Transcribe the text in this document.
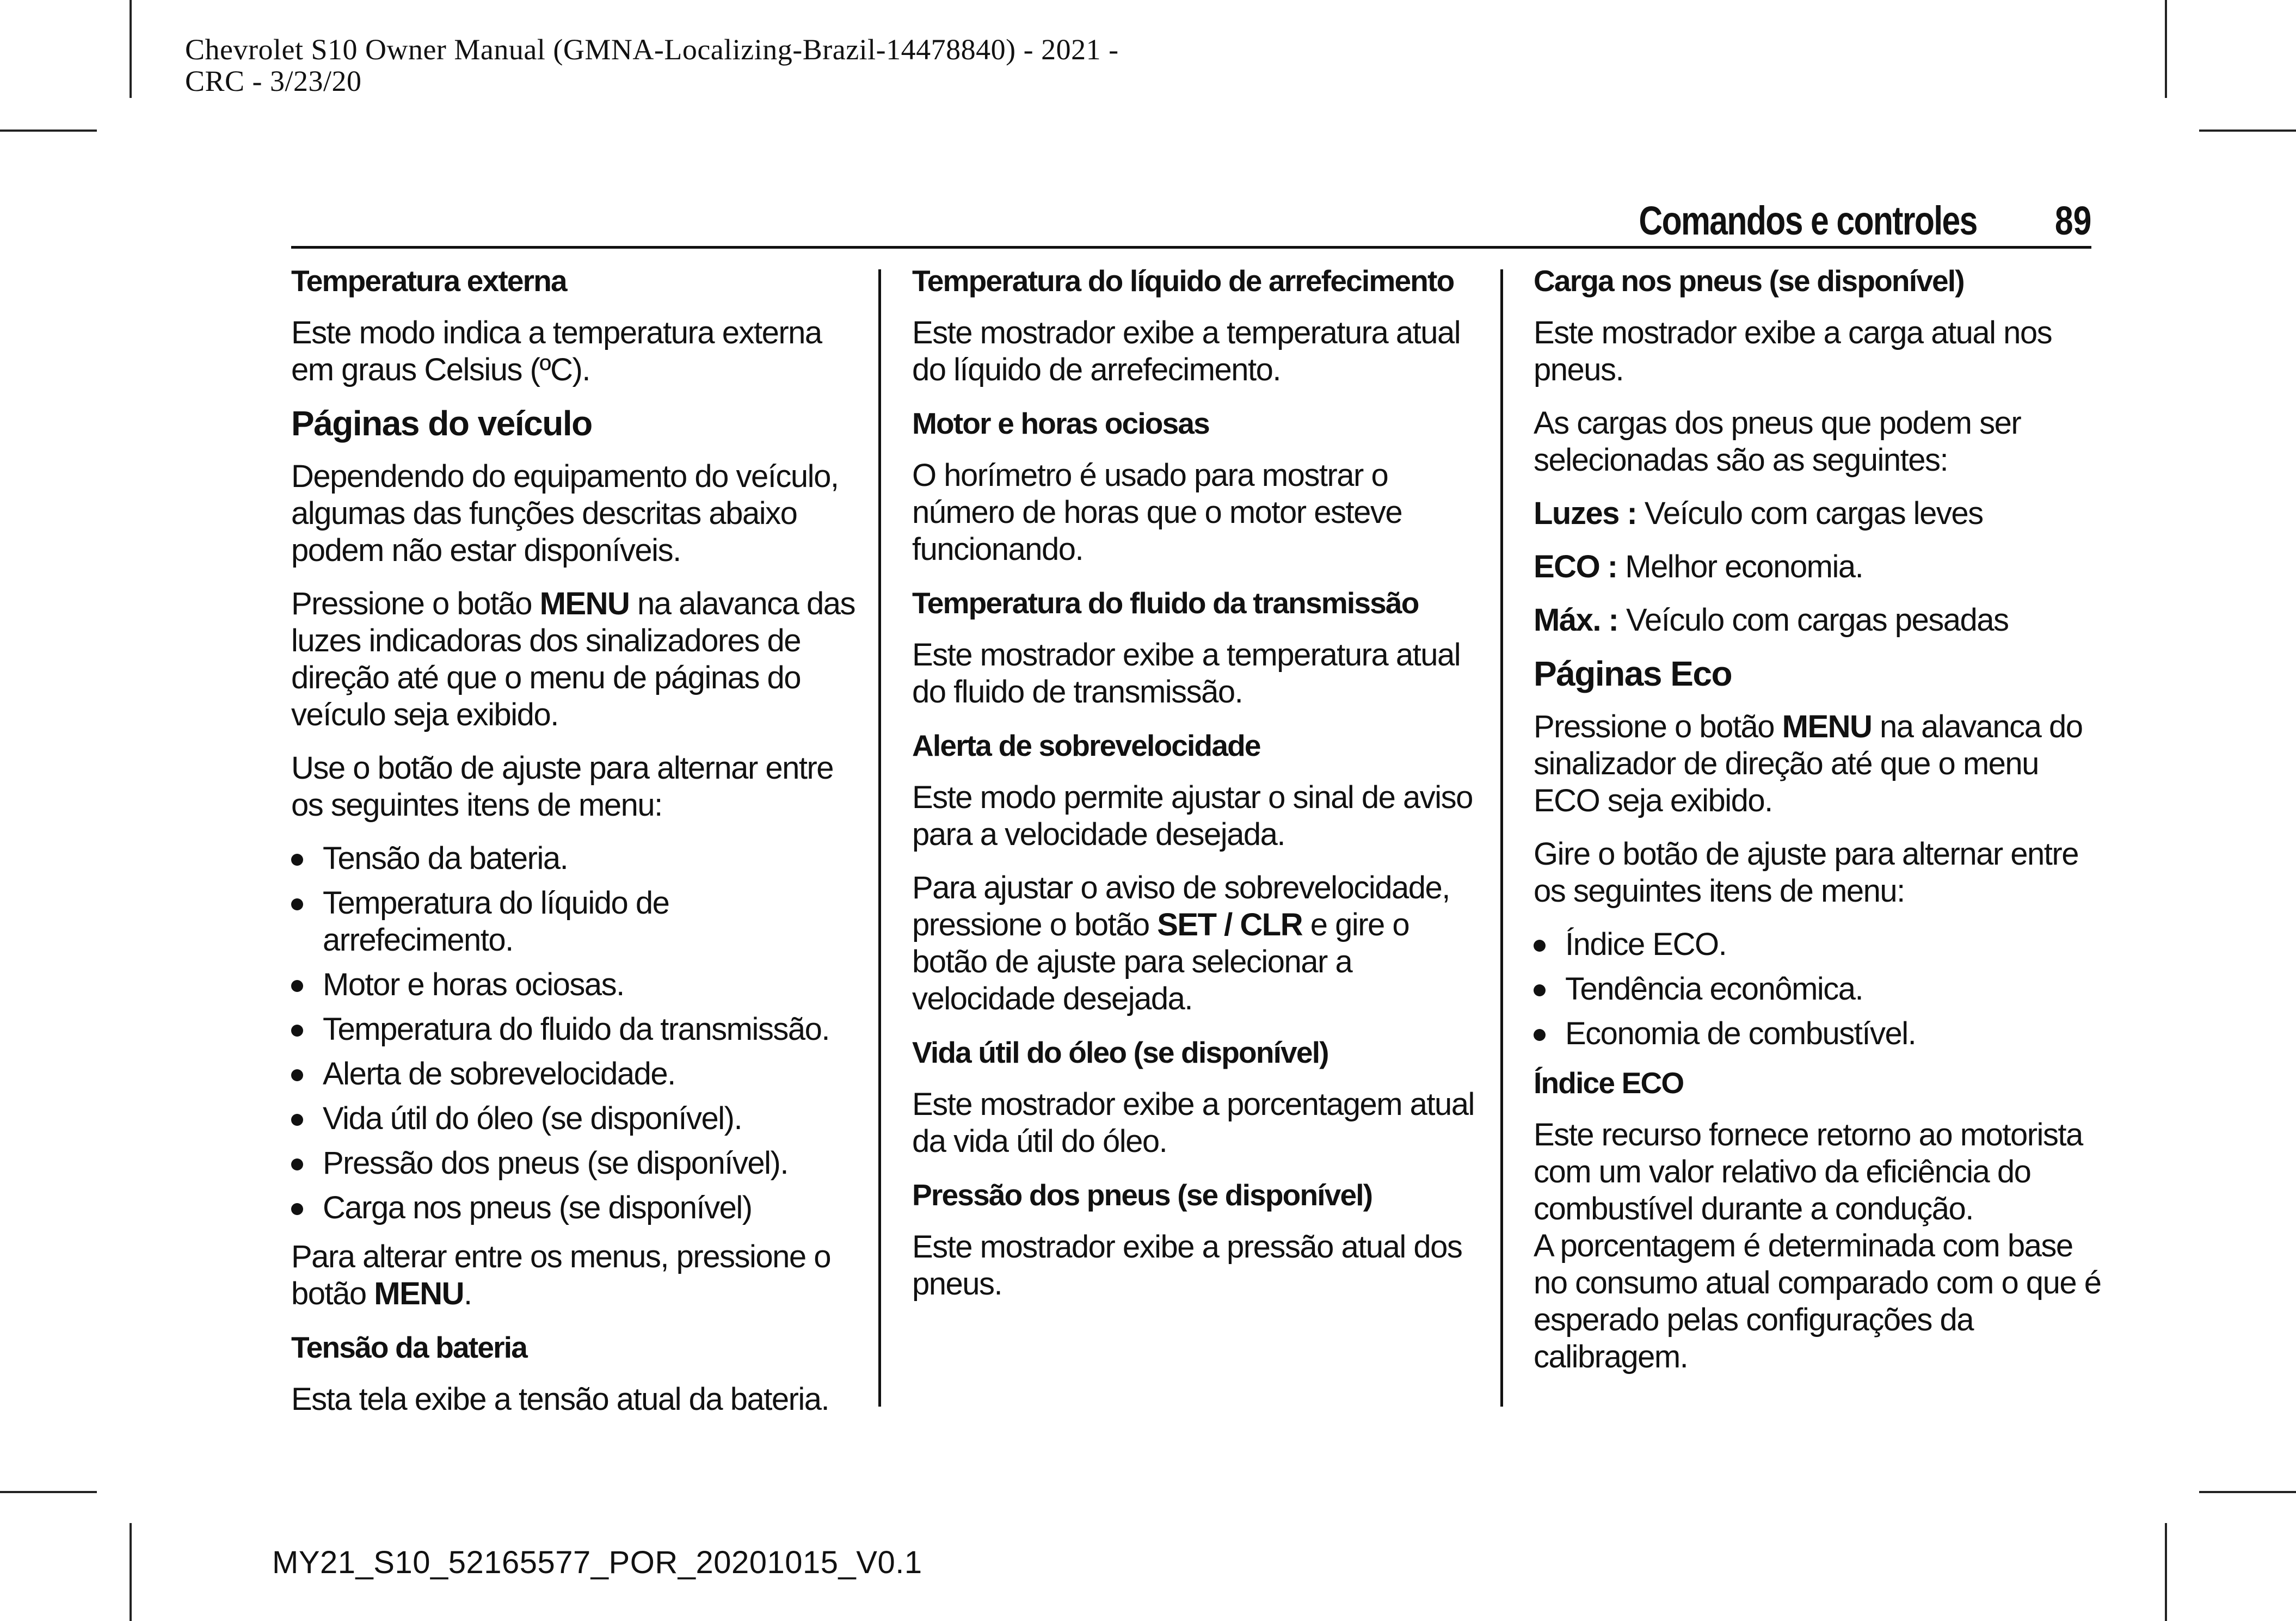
Chevrolet S10 Owner Manual (GMNA-Localizing-Brazil-14478840) - 2021 -
CRC - 3/23/20
Comandos e controles 89

Temperatura externa

Este modo indica a temperatura externa em graus Celsius (ºC).

Páginas do veículo

Dependendo do equipamento do veículo, algumas das funções descritas abaixo podem não estar disponíveis.

Pressione o botão MENU na alavanca das luzes indicadoras dos sinalizadores de direção até que o menu de páginas do veículo seja exibido.

Use o botão de ajuste para alternar entre os seguintes itens de menu:

Tensão da bateria.
Temperatura do líquido de arrefecimento.
Motor e horas ociosas.
Temperatura do fluido da transmissão.
Alerta de sobrevelocidade.
Vida útil do óleo (se disponível).
Pressão dos pneus (se disponível).
Carga nos pneus (se disponível)

Para alterar entre os menus, pressione o botão MENU.

Tensão da bateria

Esta tela exibe a tensão atual da bateria.

Temperatura do líquido de arrefecimento

Este mostrador exibe a temperatura atual do líquido de arrefecimento.

Motor e horas ociosas

O horímetro é usado para mostrar o número de horas que o motor esteve funcionando.

Temperatura do fluido da transmissão

Este mostrador exibe a temperatura atual do fluido de transmissão.

Alerta de sobrevelocidade

Este modo permite ajustar o sinal de aviso para a velocidade desejada.

Para ajustar o aviso de sobrevelocidade, pressione o botão SET / CLR e gire o botão de ajuste para selecionar a velocidade desejada.

Vida útil do óleo (se disponível)

Este mostrador exibe a porcentagem atual da vida útil do óleo.

Pressão dos pneus (se disponível)

Este mostrador exibe a pressão atual dos pneus.

Carga nos pneus (se disponível)

Este mostrador exibe a carga atual nos pneus.

As cargas dos pneus que podem ser selecionadas são as seguintes:

Luzes : Veículo com cargas leves

ECO : Melhor economia.

Máx. : Veículo com cargas pesadas

Páginas Eco

Pressione o botão MENU na alavanca do sinalizador de direção até que o menu ECO seja exibido.

Gire o botão de ajuste para alternar entre os seguintes itens de menu:

Índice ECO.
Tendência econômica.
Economia de combustível.

Índice ECO

Este recurso fornece retorno ao motorista com um valor relativo da eficiência do combustível durante a condução.

A porcentagem é determinada com base no consumo atual comparado com o que é esperado pelas configurações da calibragem.

MY21_S10_52165577_POR_20201015_V0.1
